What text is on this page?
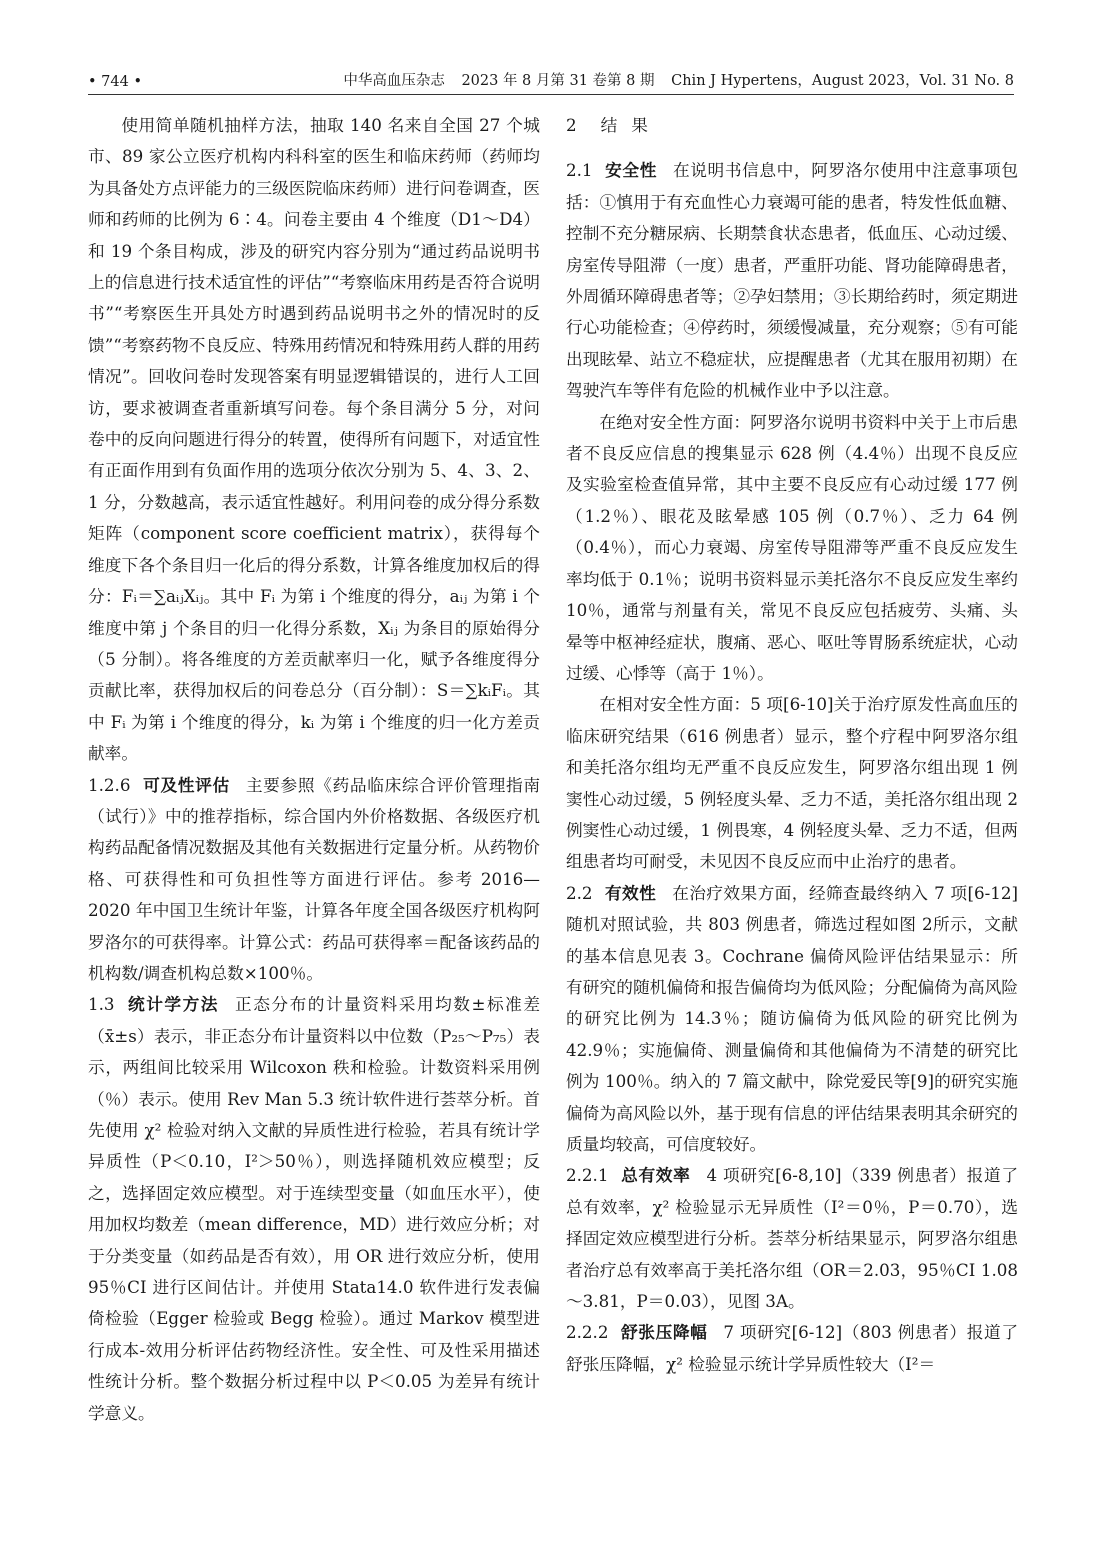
• 744 •	中华高血压杂志 2023 年 8 月第 31 卷第 8 期 Chin J Hypertens，August 2023，Vol. 31 No. 8

使用简单随机抽样方法，抽取 140 名来自全国 27 个城市、89 家公立医疗机构内科科室的医生和临床药师（药师均为具备处方点评能力的三级医院临床药师）进行问卷调查，医师和药师的比例为 6∶4。问卷主要由 4 个维度（D1～D4）和 19 个条目构成，涉及的研究内容分别为“通过药品说明书上的信息进行技术适宜性的评估”“考察临床用药是否符合说明书”“考察医生开具处方时遇到药品说明书之外的情况时的反馈”“考察药物不良反应、特殊用药情况和特殊用药人群的用药情况”。回收问卷时发现答案有明显逻辑错误的，进行人工回访，要求被调查者重新填写问卷。每个条目满分 5 分，对问卷中的反向问题进行得分的转置，使得所有问题下，对适宜性有正面作用到有负面作用的选项分依次分别为 5、4、3、2、1 分，分数越高，表示适宜性越好。利用问卷的成分得分系数矩阵（component score coefficient matrix），获得每个维度下各个条目归一化后的得分系数，计算各维度加权后的得分：Fᵢ＝∑aᵢⱼXᵢⱼ。其中 Fᵢ 为第 i 个维度的得分，aᵢⱼ 为第 i 个维度中第 j 个条目的归一化得分系数，Xᵢⱼ 为条目的原始得分（5 分制）。将各维度的方差贡献率归一化，赋予各维度得分贡献比率，获得加权后的问卷总分（百分制）：S＝∑kᵢFᵢ。其中 Fᵢ 为第 i 个维度的得分，kᵢ 为第 i 个维度的归一化方差贡献率。

1.2.6 可及性评估 主要参照《药品临床综合评价管理指南（试行）》中的推荐指标，综合国内外价格数据、各级医疗机构药品配备情况数据及其他有关数据进行定量分析。从药物价格、可获得性和可负担性等方面进行评估。参考 2016—2020 年中国卫生统计年鉴，计算各年度全国各级医疗机构阿罗洛尔的可获得率。计算公式：药品可获得率＝配备该药品的机构数/调查机构总数×100％。

1.3 统计学方法 正态分布的计量资料采用均数±标准差（x̄±s）表示，非正态分布计量资料以中位数（P₂₅～P₇₅）表示，两组间比较采用 Wilcoxon 秩和检验。计数资料采用例（％）表示。使用 Rev Man 5.3 统计软件进行荟萃分析。首先使用 χ² 检验对纳入文献的异质性进行检验，若具有统计学异质性（P＜0.10，I²＞50％），则选择随机效应模型；反之，选择固定效应模型。对于连续型变量（如血压水平），使用加权均数差（mean difference，MD）进行效应分析；对于分类变量（如药品是否有效），用 OR 进行效应分析，使用 95％CI 进行区间估计。并使用 Stata14.0 软件进行发表偏倚检验（Egger 检验或 Begg 检验）。通过 Markov 模型进行成本-效用分析评估药物经济性。安全性、可及性采用描述性统计分析。整个数据分析过程中以 P＜0.05 为差异有统计学意义。

2 结果

2.1 安全性 在说明书信息中，阿罗洛尔使用中注意事项包括：①慎用于有充血性心力衰竭可能的患者，特发性低血糖、控制不充分糖尿病、长期禁食状态患者，低血压、心动过缓、房室传导阻滞（一度）患者，严重肝功能、肾功能障碍患者，外周循环障碍患者等；②孕妇禁用；③长期给药时，须定期进行心功能检查；④停药时，须缓慢减量，充分观察；⑤有可能出现眩晕、站立不稳症状，应提醒患者（尤其在服用初期）在驾驶汽车等伴有危险的机械作业中予以注意。

在绝对安全性方面：阿罗洛尔说明书资料中关于上市后患者不良反应信息的搜集显示 628 例（4.4％）出现不良反应及实验室检查值异常，其中主要不良反应有心动过缓 177 例（1.2％）、眼花及眩晕感 105 例（0.7％）、乏力 64 例（0.4％），而心力衰竭、房室传导阻滞等严重不良反应发生率均低于 0.1％；说明书资料显示美托洛尔不良反应发生率约 10％，通常与剂量有关，常见不良反应包括疲劳、头痛、头晕等中枢神经症状，腹痛、恶心、呕吐等胃肠系统症状，心动过缓、心悸等（高于 1％）。

在相对安全性方面：5 项[6-10]关于治疗原发性高血压的临床研究结果（616 例患者）显示，整个疗程中阿罗洛尔组和美托洛尔组均无严重不良反应发生，阿罗洛尔组出现 1 例窦性心动过缓，5 例轻度头晕、乏力不适，美托洛尔组出现 2 例窦性心动过缓，1 例畏寒，4 例轻度头晕、乏力不适，但两组患者均可耐受，未见因不良反应而中止治疗的患者。

2.2 有效性 在治疗效果方面，经筛查最终纳入 7 项[6-12]随机对照试验，共 803 例患者，筛选过程如图 2所示，文献的基本信息见表 3。Cochrane 偏倚风险评估结果显示：所有研究的随机偏倚和报告偏倚均为低风险；分配偏倚为高风险的研究比例为 14.3％；随访偏倚为低风险的研究比例为 42.9％；实施偏倚、测量偏倚和其他偏倚为不清楚的研究比例为 100％。纳入的 7 篇文献中，除党爱民等[9]的研究实施偏倚为高风险以外，基于现有信息的评估结果表明其余研究的质量均较高，可信度较好。

2.2.1 总有效率 4 项研究[6-8,10]（339 例患者）报道了总有效率，χ² 检验显示无异质性（I²＝0％，P＝0.70），选择固定效应模型进行分析。荟萃分析结果显示，阿罗洛尔组患者治疗总有效率高于美托洛尔组（OR＝2.03，95％CI 1.08～3.81，P＝0.03），见图 3A。

2.2.2 舒张压降幅 7 项研究[6-12]（803 例患者）报道了舒张压降幅，χ² 检验显示统计学异质性较大（I²＝
